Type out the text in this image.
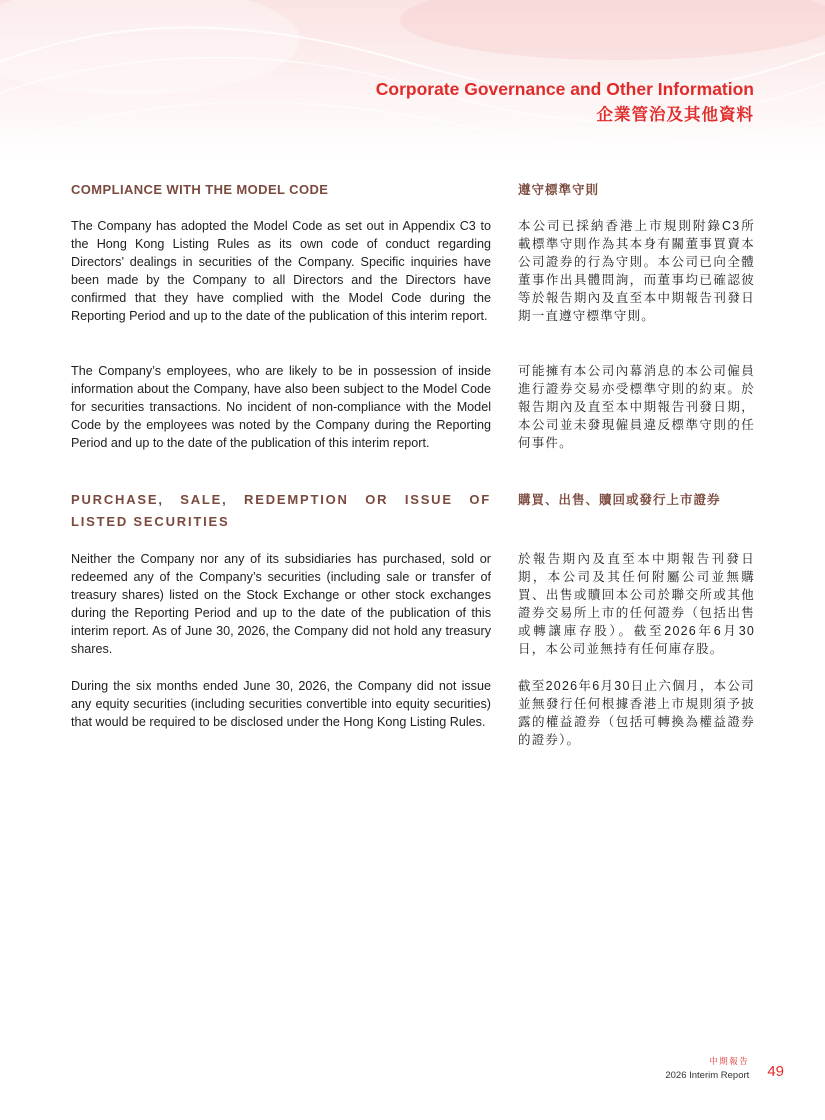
Corporate Governance and Other Information
企業管治及其他資料
COMPLIANCE WITH THE MODEL CODE	遵守標準守則

The Company has adopted the Model Code as set out in Appendix C3 to the Hong Kong Listing Rules as its own code of conduct regarding Directors’ dealings in securities of the Company. Specific inquiries have been made by the Company to all Directors and the Directors have confirmed that they have complied with the Model Code during the Reporting Period and up to the date of the publication of this interim report.

本公司已採納香港上市規則附錄C3所載標準守則作為其本身有關董事買賣本公司證券的行為守則。本公司已向全體董事作出具體問詢，而董事均已確認彼等於報告期內及直至本中期報告刊發日期一直遵守標準守則。

The Company’s employees, who are likely to be in possession of inside information about the Company, have also been subject to the Model Code for securities transactions. No incident of non-compliance with the Model Code by the employees was noted by the Company during the Reporting Period and up to the date of the publication of this interim report.

可能擁有本公司內幕消息的本公司僱員進行證券交易亦受標準守則的約束。於報告期內及直至本中期報告刊發日期，本公司並未發現僱員違反標準守則的任何事件。

PURCHASE, SALE, REDEMPTION OR ISSUE OF LISTED SECURITIES
購買、出售、贖回或發行上市證券

Neither the Company nor any of its subsidiaries has purchased, sold or redeemed any of the Company’s securities (including sale or transfer of treasury shares) listed on the Stock Exchange or other stock exchanges during the Reporting Period and up to the date of the publication of this interim report. As of June 30, 2026, the Company did not hold any treasury shares.

於報告期內及直至本中期報告刊發日期，本公司及其任何附屬公司並無購買、出售或贖回本公司於聯交所或其他證券交易所上市的任何證券（包括出售或轉讓庫存股）。截至2026年6月30日，本公司並無持有任何庫存股。

During the six months ended June 30, 2026, the Company did not issue any equity securities (including securities convertible into equity securities) that would be required to be disclosed under the Hong Kong Listing Rules.

截至2026年6月30日止六個月，本公司並無發行任何根據香港上市規則須予披露的權益證券（包括可轉換為權益證券的證券）。

中期報告
2026 Interim Report 49
